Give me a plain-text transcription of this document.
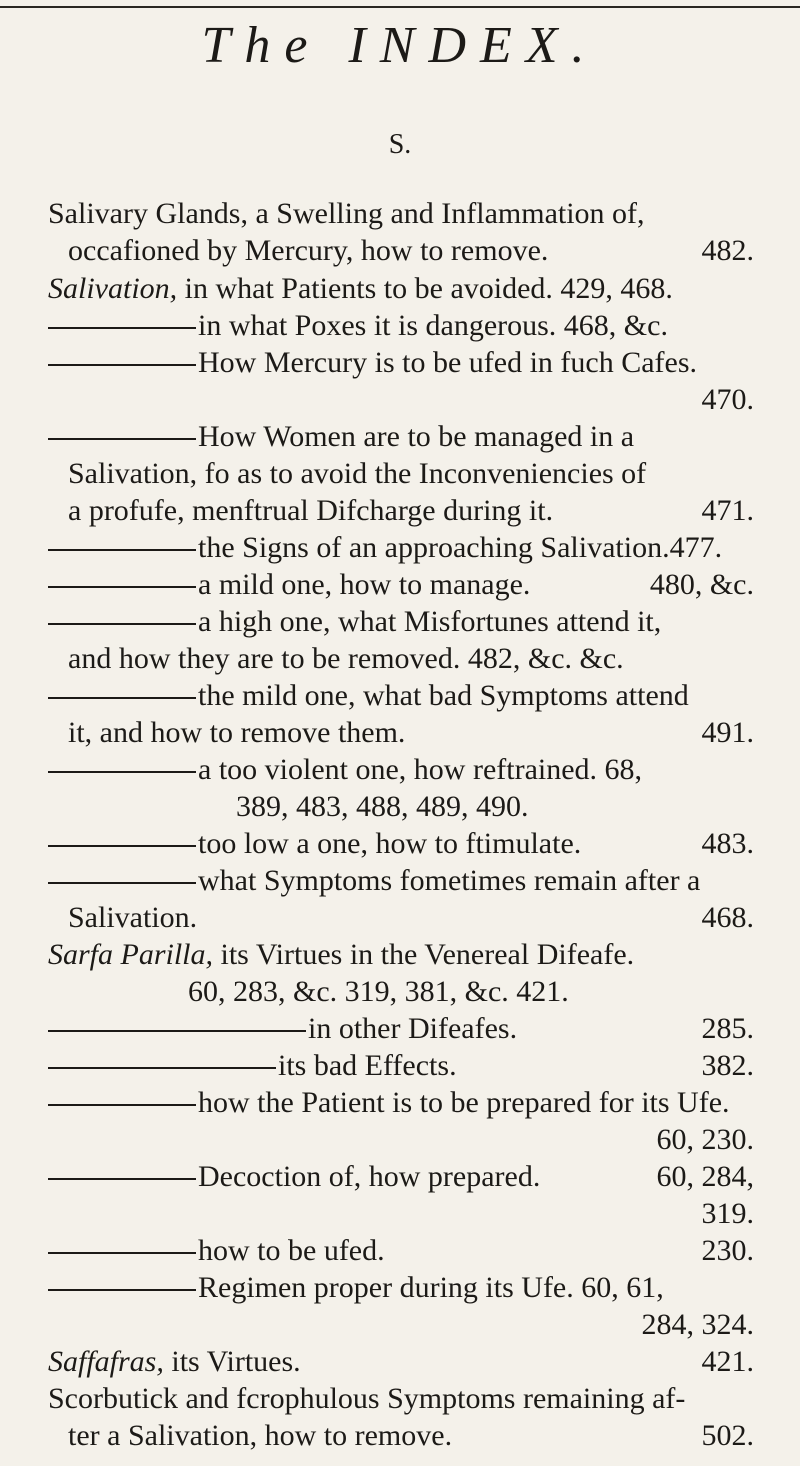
The INDEX.
S.
Salivary Glands, a Swelling and Inflammation of,
occafioned by Mercury, how to remove.	482.
Salivation, in what Patients to be avoided. 429, 468.
in what Poxes it is dangerous. 468, &c.
How Mercury is to be ufed in fuch Cafes.
470.
How Women are to be managed in a
Salivation, fo as to avoid the Inconveniencies of
a profufe, menftrual Difcharge during it.	471.
the Signs of an approaching Salivation.477.
a mild one, how to manage.	480, &c.
a high one, what Misfortunes attend it,
and how they are to be removed. 482, &c. &c.
the mild one, what bad Symptoms attend
it, and how to remove them.	491.
a too violent one, how reftrained. 68,
389, 483, 488, 489, 490.
too low a one, how to ftimulate.	483.
what Symptoms fometimes remain after a
Salivation.	468.
Sarfa Parilla, its Virtues in the Venereal Difeafe.
60, 283, &c. 319, 381, &c. 421.
in other Difeafes.	285.
its bad Effects.	382.
how the Patient is to be prepared for its Ufe.
60, 230.
Decoction of, how prepared.	60, 284,
319.
how to be ufed.	230.
Regimen proper during its Ufe. 60, 61,
284, 324.
Saffafras, its Virtues.	421.
Scorbutick and fcrophulous Symptoms remaining af-
ter a Salivation, how to remove.	502.
